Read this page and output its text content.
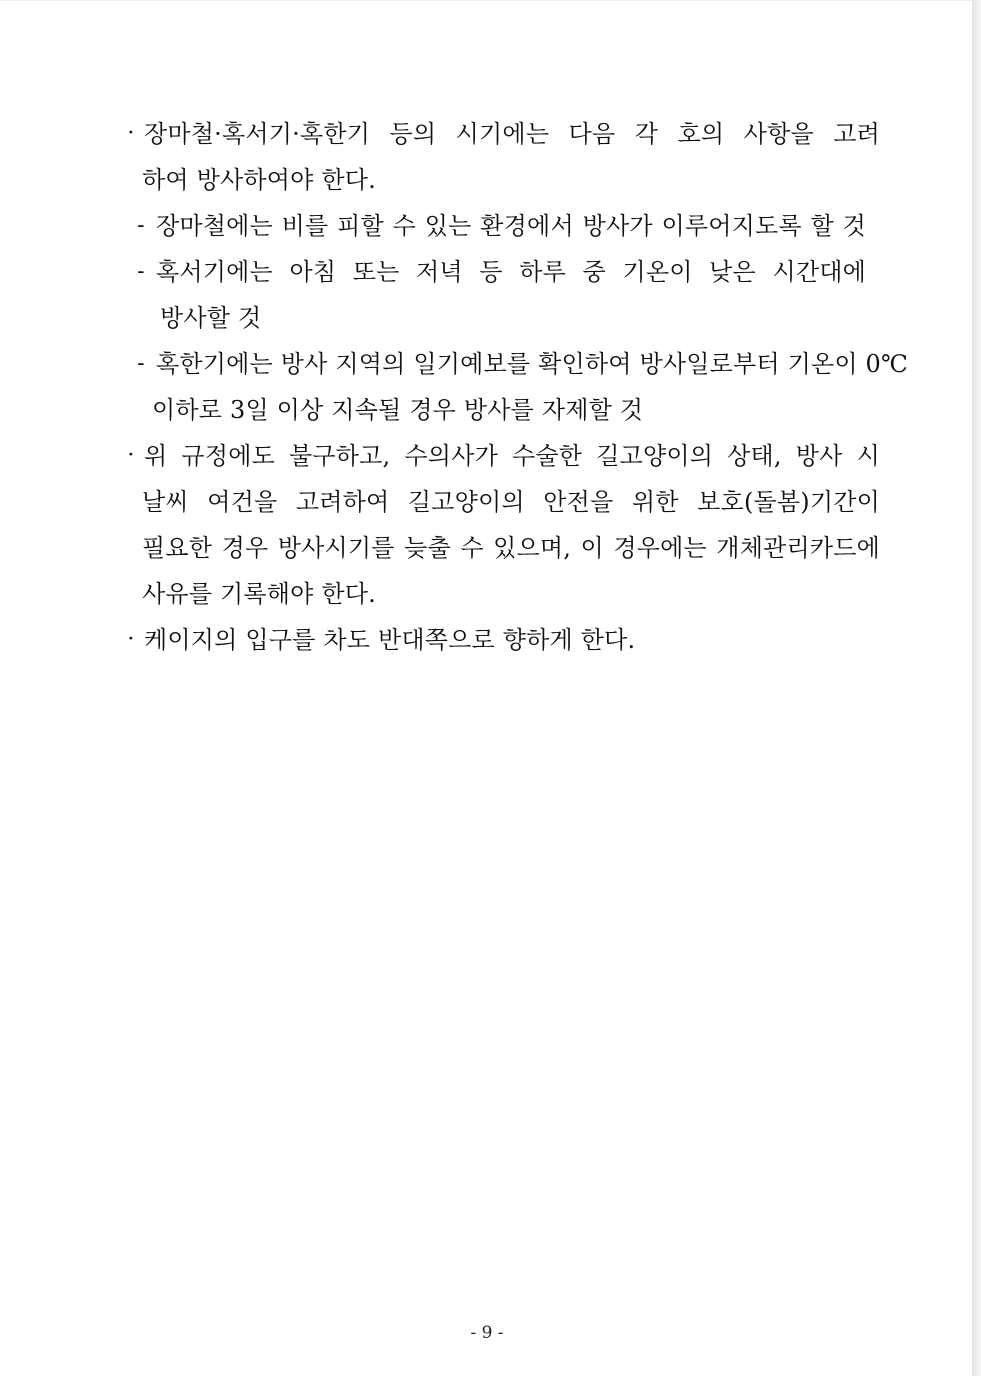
· 장마철·혹서기·혹한기 등의 시기에는 다음 각 호의 사항을 고려
하여 방사하여야 한다.
- 장마철에는 비를 피할 수 있는 환경에서 방사가 이루어지도록 할 것
- 혹서기에는 아침 또는 저녁 등 하루 중 기온이 낮은 시간대에
방사할 것
- 혹한기에는 방사 지역의 일기예보를 확인하여 방사일로부터 기온이 0℃
이하로 3일 이상 지속될 경우 방사를 자제할 것
· 위 규정에도 불구하고, 수의사가 수술한 길고양이의 상태, 방사 시
날씨 여건을 고려하여 길고양이의 안전을 위한 보호(돌봄)기간이
필요한 경우 방사시기를 늦출 수 있으며, 이 경우에는 개체관리카드에
사유를 기록해야 한다.
· 케이지의 입구를 차도 반대쪽으로 향하게 한다.
- 9 -
